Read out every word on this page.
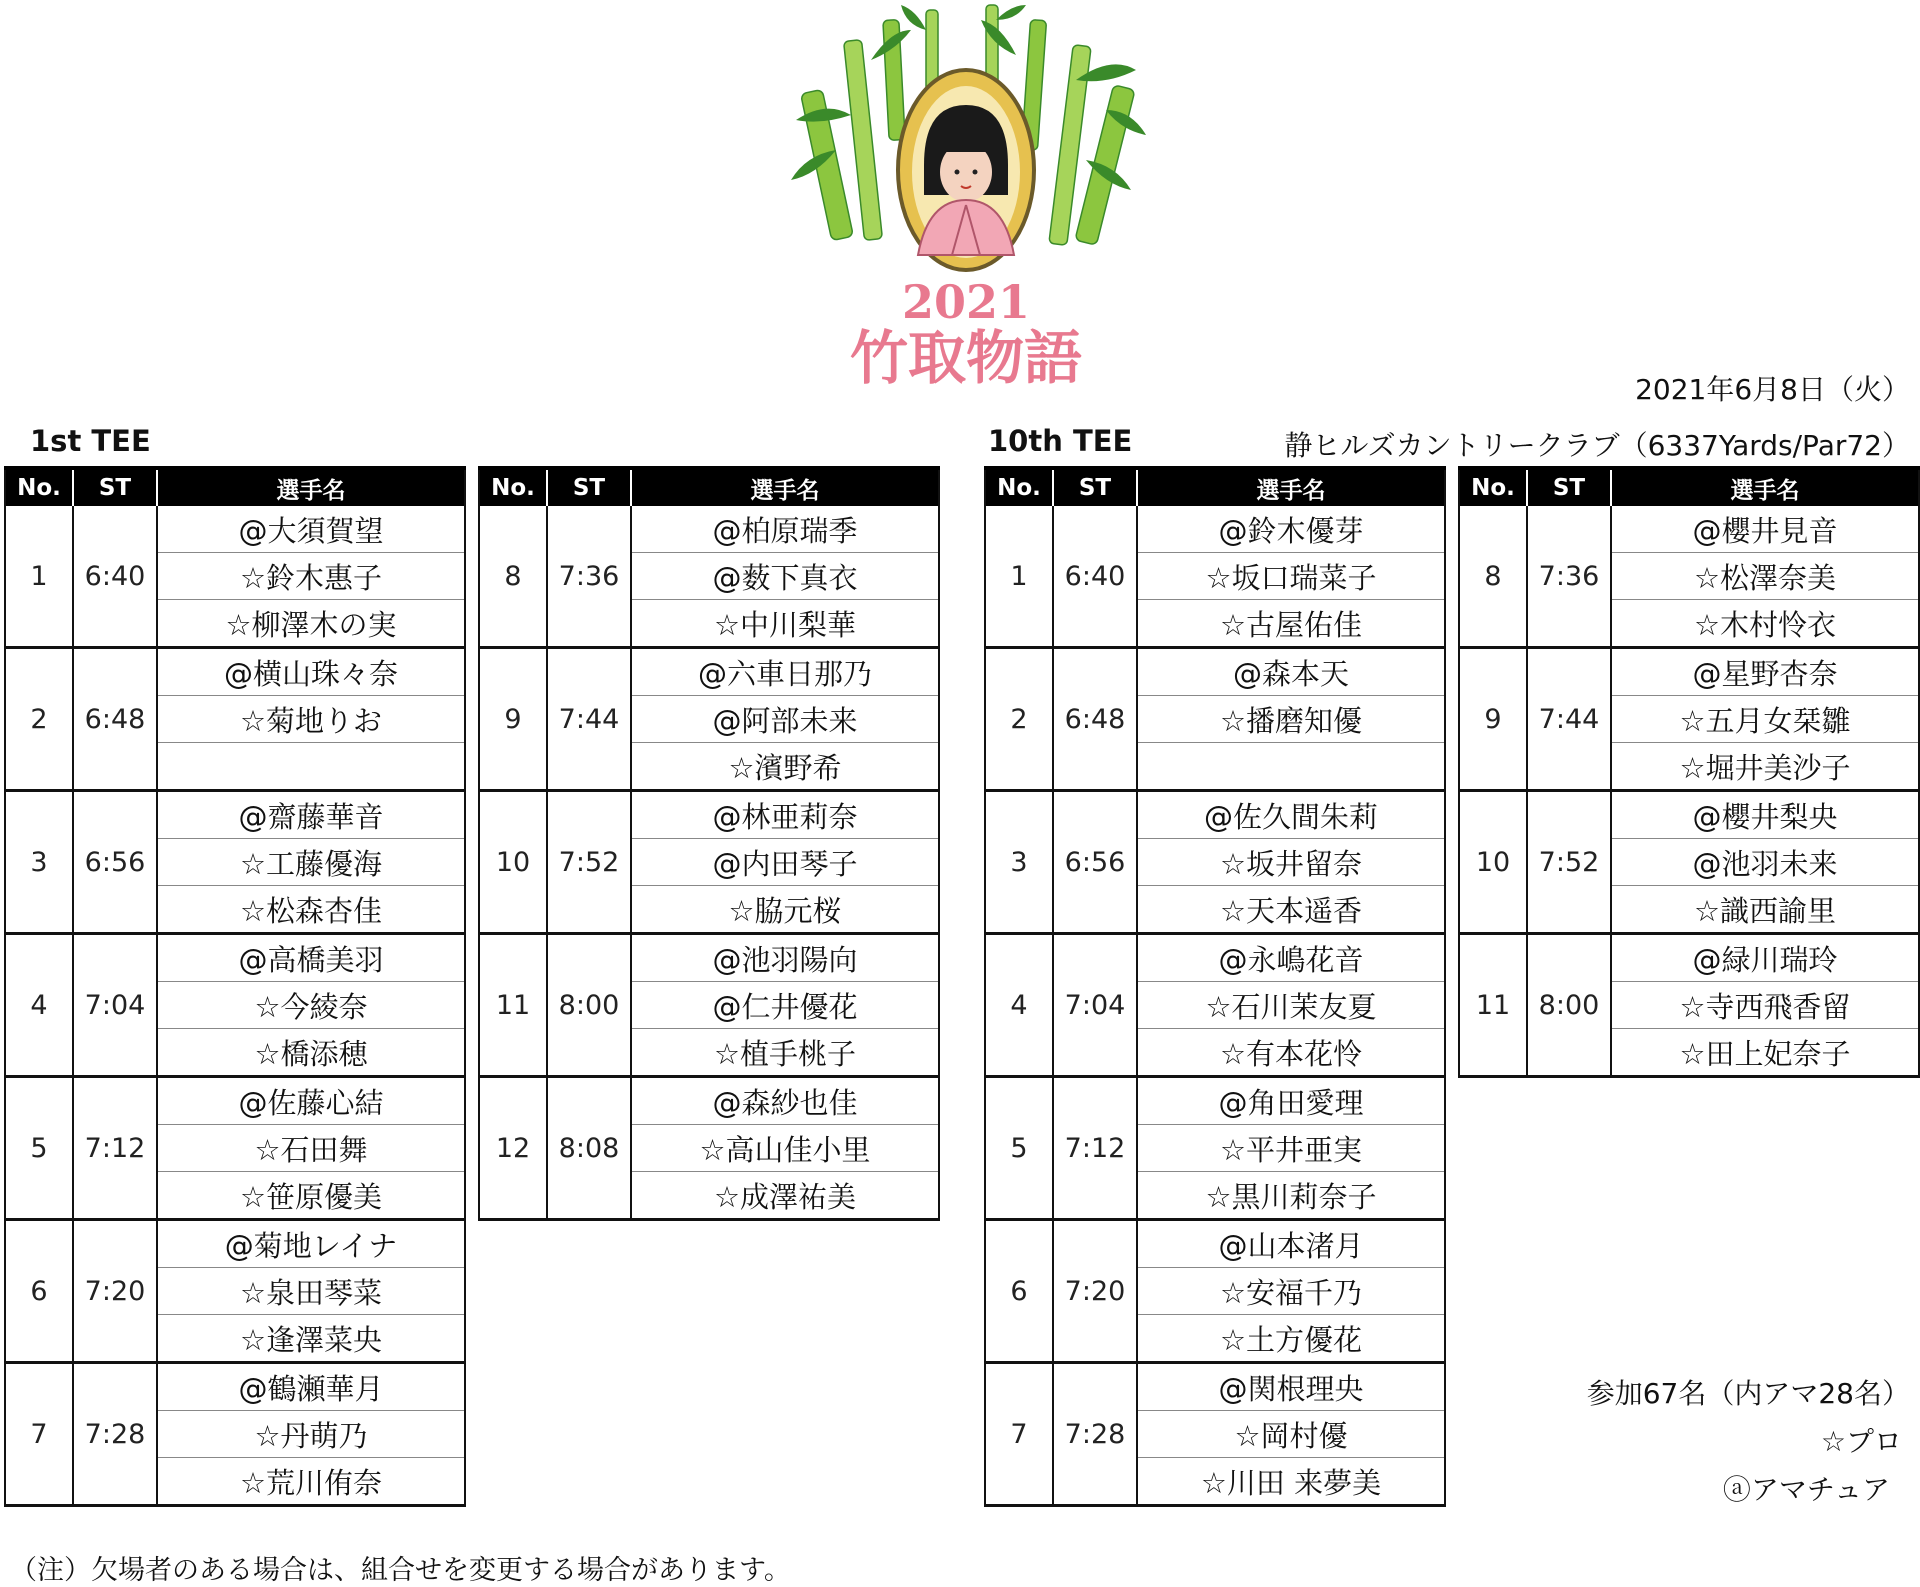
2021
竹取物語	2021年6月8日（火）
1st TEE	10th TEE	静ヒルズカントリークラブ（6337Yards/Par72）
No.	ST	選手名
1	6:40	@大須賀望
		☆鈴木惠子
		☆柳澤木の実
2	6:48	@横山珠々奈
		☆菊地りお

3	6:56	@齋藤華音
		☆工藤優海
		☆松森杏佳
4	7:04	@高橋美羽
		☆今綾奈
		☆橋添穂
5	7:12	@佐藤心結
		☆石田舞
		☆笹原優美
6	7:20	@菊地レイナ
		☆泉田琴菜
		☆逢澤菜央
7	7:28	@鶴瀬華月
		☆丹萌乃
		☆荒川侑奈
No.	ST	選手名
8	7:36	@柏原瑞季
		@薮下真衣
		☆中川梨華
9	7:44	@六車日那乃
		@阿部未来
		☆濱野希
10	7:52	@林亜莉奈
		@内田琴子
		☆脇元桜
11	8:00	@池羽陽向
		@仁井優花
		☆植手桃子
12	8:08	@森紗也佳
		☆高山佳小里
		☆成澤祐美
No.	ST	選手名
1	6:40	@鈴木優芽
		☆坂口瑞菜子
		☆古屋佑佳
2	6:48	@森本天
		☆播磨知優

3	6:56	@佐久間朱莉
		☆坂井留奈
		☆天本遥香
4	7:04	@永嶋花音
		☆石川茉友夏
		☆有本花怜
5	7:12	@角田愛理
		☆平井亜実
		☆黒川莉奈子
6	7:20	@山本渚月
		☆安福千乃
		☆土方優花
7	7:28	@関根理央
		☆岡村優
		☆川田 来夢美
No.	ST	選手名
8	7:36	@櫻井見音
		☆松澤奈美
		☆木村怜衣
9	7:44	@星野杏奈
		☆五月女栞雛
		☆堀井美沙子
10	7:52	@櫻井梨央
		@池羽未来
		☆識西諭里
11	8:00	@緑川瑞玲
		☆寺西飛香留
		☆田上妃奈子
参加67名（内アマ28名）
☆プロ
ⓐアマチュア
（注）欠場者のある場合は、組合せを変更する場合があります。
